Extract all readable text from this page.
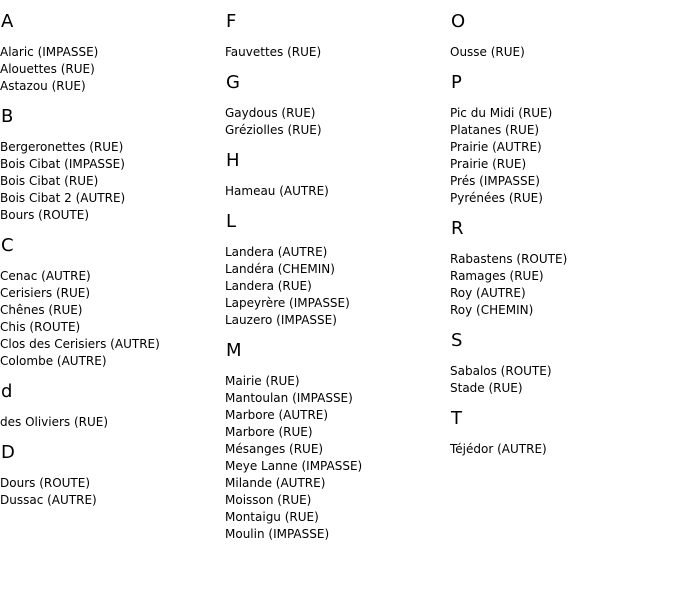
A
Alaric (IMPASSE)
Alouettes (RUE)
Astazou (RUE)
B
Bergeronettes (RUE)
Bois Cibat (IMPASSE)
Bois Cibat (RUE)
Bois Cibat 2 (AUTRE)
Bours (ROUTE)
C
Cenac (AUTRE)
Cerisiers (RUE)
Chênes (RUE)
Chis (ROUTE)
Clos des Cerisiers (AUTRE)
Colombe (AUTRE)
d
des Oliviers (RUE)
D
Dours (ROUTE)
Dussac (AUTRE)
F
Fauvettes (RUE)
G
Gaydous (RUE)
Gréziolles (RUE)
H
Hameau (AUTRE)
L
Landera (AUTRE)
Landéra (CHEMIN)
Landera (RUE)
Lapeyrère (IMPASSE)
Lauzero (IMPASSE)
M
Mairie (RUE)
Mantoulan (IMPASSE)
Marbore (AUTRE)
Marbore (RUE)
Mésanges (RUE)
Meye Lanne (IMPASSE)
Milande (AUTRE)
Moisson (RUE)
Montaigu (RUE)
Moulin (IMPASSE)
O
Ousse (RUE)
P
Pic du Midi (RUE)
Platanes (RUE)
Prairie (AUTRE)
Prairie (RUE)
Prés (IMPASSE)
Pyrénées (RUE)
R
Rabastens (ROUTE)
Ramages (RUE)
Roy (AUTRE)
Roy (CHEMIN)
S
Sabalos (ROUTE)
Stade (RUE)
T
Téjédor (AUTRE)
